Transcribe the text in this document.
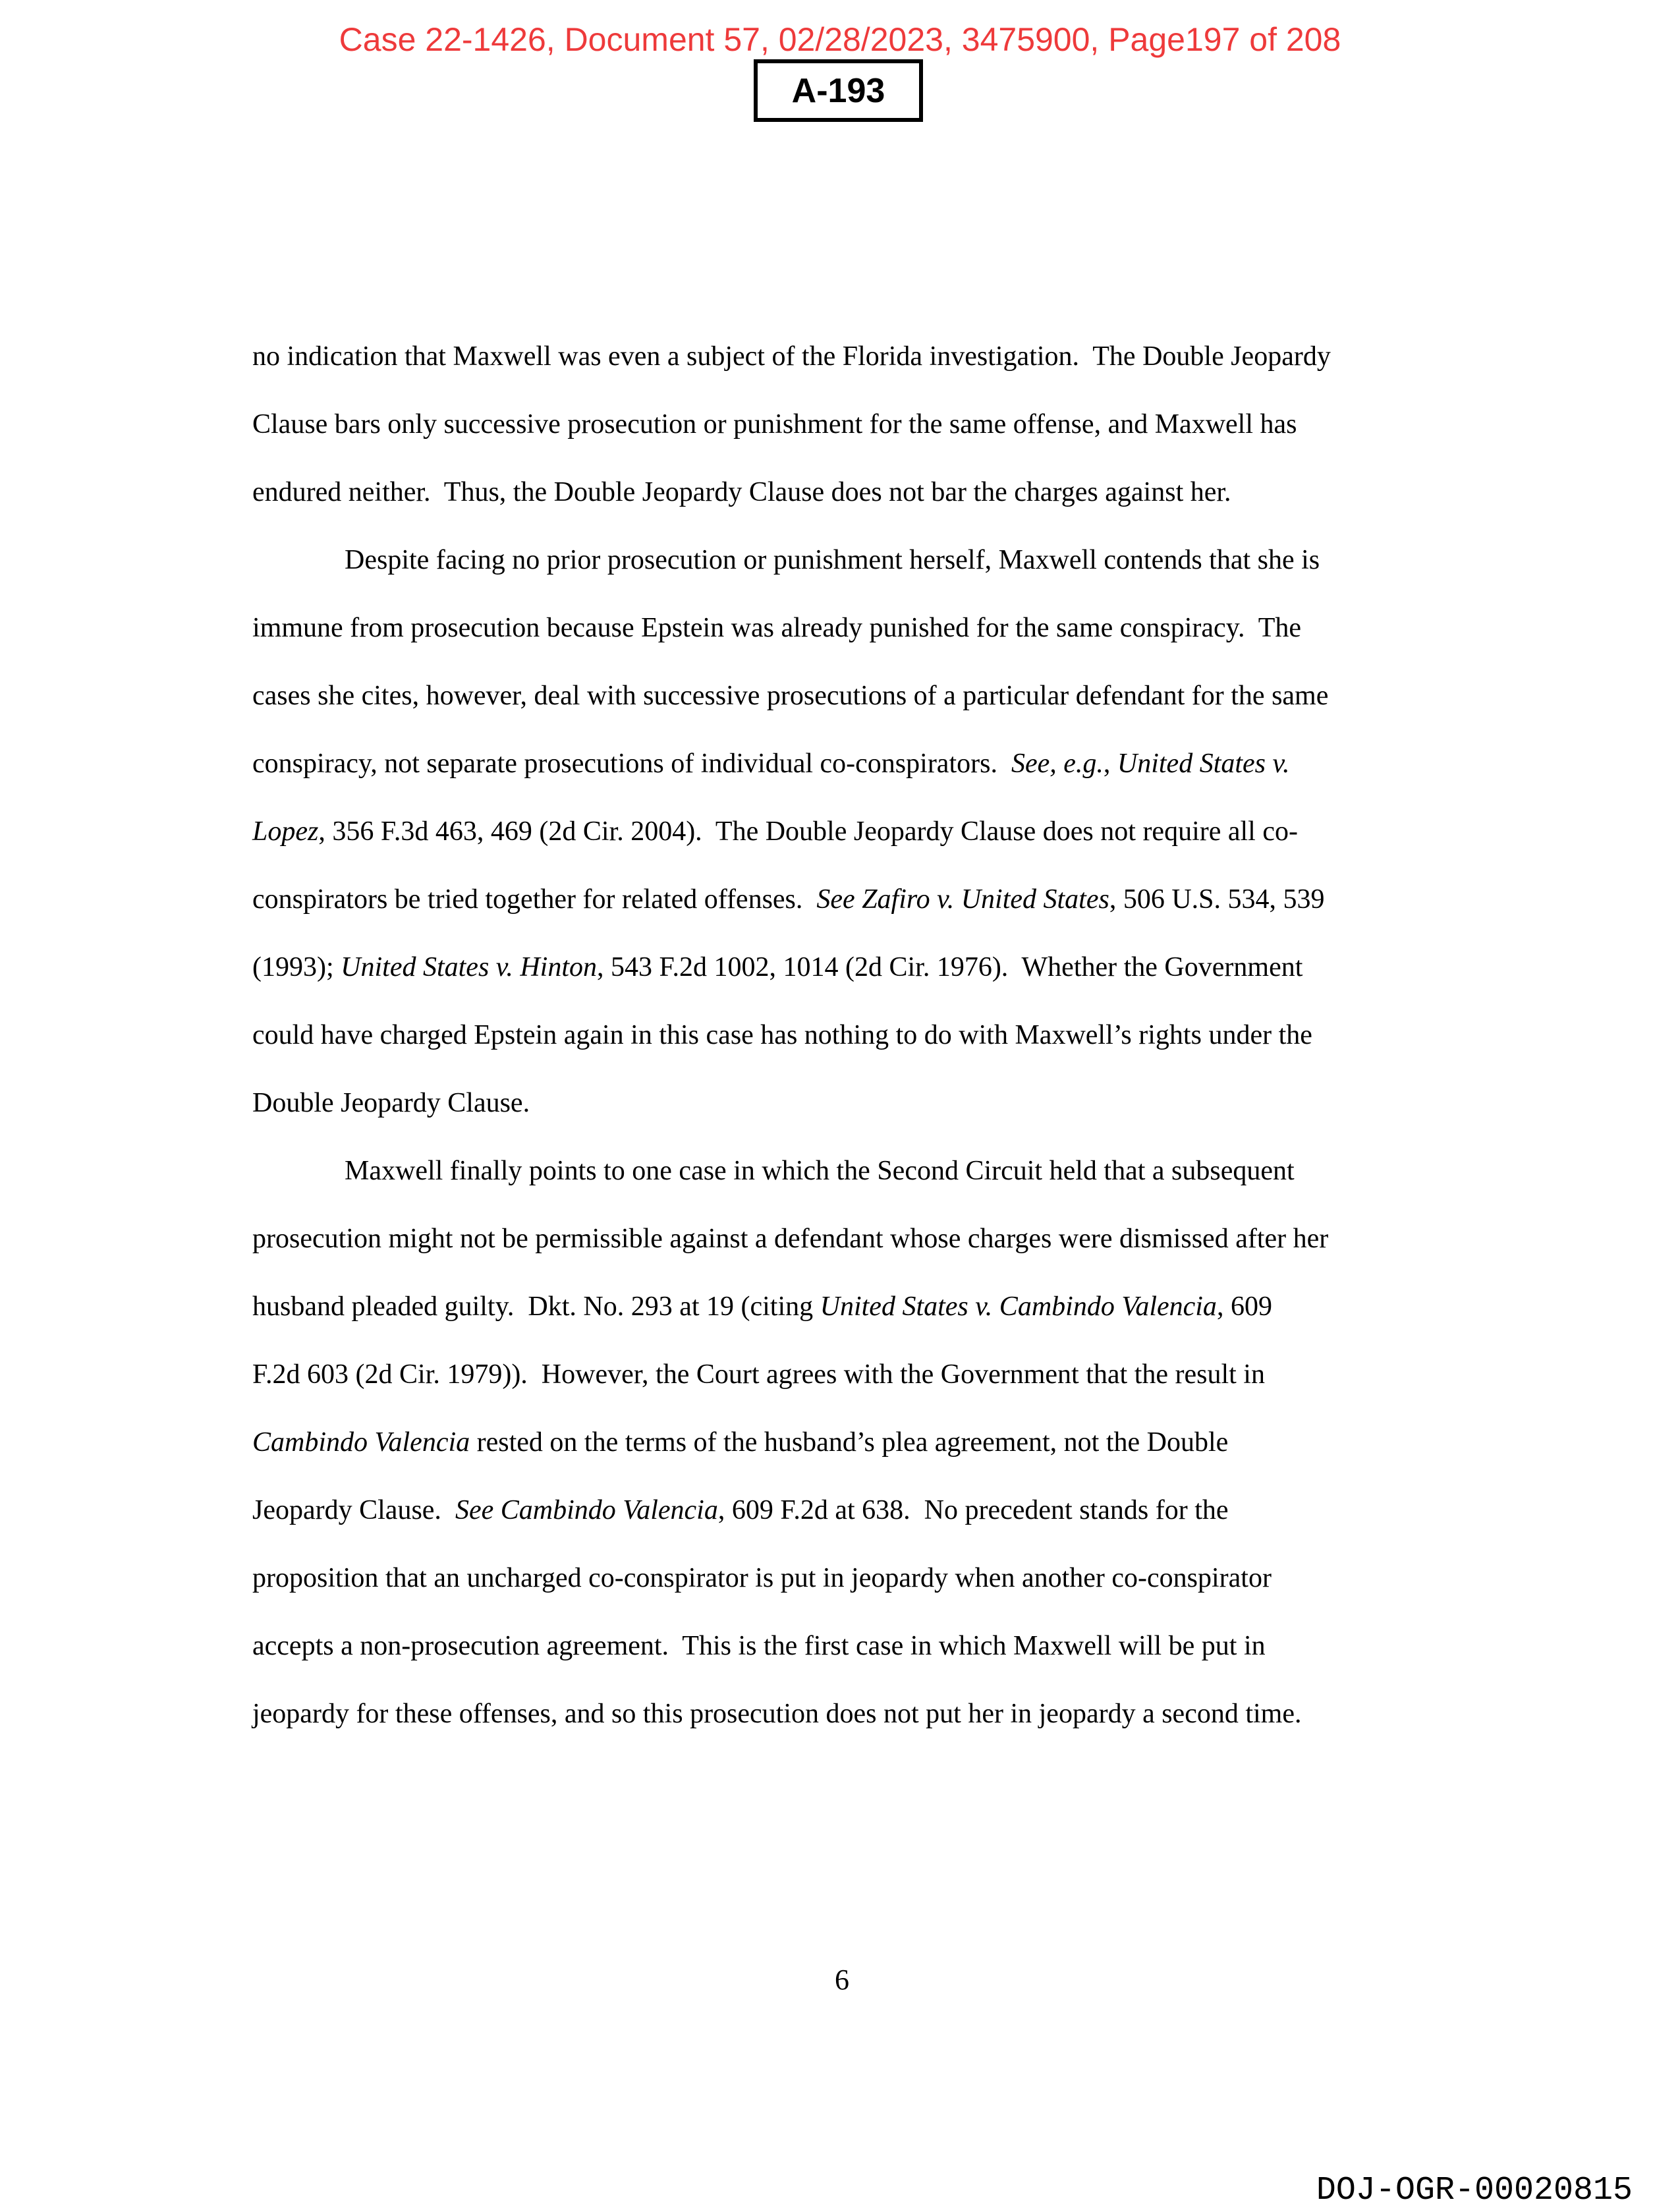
Case 22-1426, Document 57, 02/28/2023, 3475900, Page197 of 208
A-193
no indication that Maxwell was even a subject of the Florida investigation.  The Double Jeopardy
Clause bars only successive prosecution or punishment for the same offense, and Maxwell has
endured neither.  Thus, the Double Jeopardy Clause does not bar the charges against her.
Despite facing no prior prosecution or punishment herself, Maxwell contends that she is
immune from prosecution because Epstein was already punished for the same conspiracy.  The
cases she cites, however, deal with successive prosecutions of a particular defendant for the same
conspiracy, not separate prosecutions of individual co-conspirators.  See, e.g., United States v.
Lopez, 356 F.3d 463, 469 (2d Cir. 2004).  The Double Jeopardy Clause does not require all co-
conspirators be tried together for related offenses.  See Zafiro v. United States, 506 U.S. 534, 539
(1993); United States v. Hinton, 543 F.2d 1002, 1014 (2d Cir. 1976).  Whether the Government
could have charged Epstein again in this case has nothing to do with Maxwell’s rights under the
Double Jeopardy Clause.
Maxwell finally points to one case in which the Second Circuit held that a subsequent
prosecution might not be permissible against a defendant whose charges were dismissed after her
husband pleaded guilty.  Dkt. No. 293 at 19 (citing United States v. Cambindo Valencia, 609
F.2d 603 (2d Cir. 1979)).  However, the Court agrees with the Government that the result in
Cambindo Valencia rested on the terms of the husband’s plea agreement, not the Double
Jeopardy Clause.  See Cambindo Valencia, 609 F.2d at 638.  No precedent stands for the
proposition that an uncharged co-conspirator is put in jeopardy when another co-conspirator
accepts a non-prosecution agreement.  This is the first case in which Maxwell will be put in
jeopardy for these offenses, and so this prosecution does not put her in jeopardy a second time.
6
DOJ-OGR-00020815
